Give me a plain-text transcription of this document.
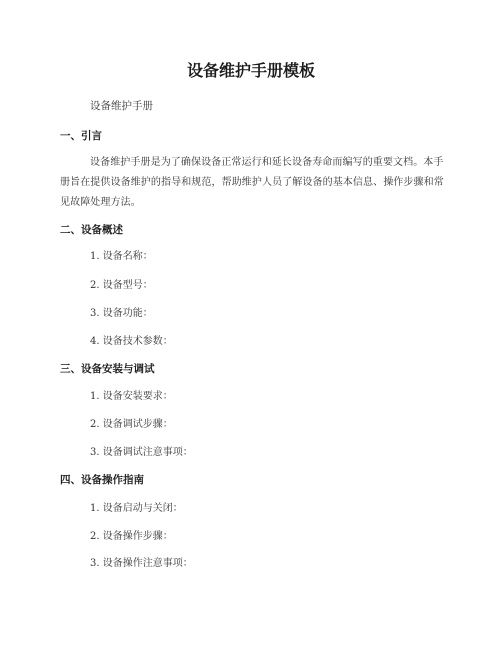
设备维护手册模板
设备维护手册
一、引言
设备维护手册是为了确保设备正常运行和延长设备寿命而编写的重要文档。本手册旨在提供设备维护的指导和规范，帮助维护人员了解设备的基本信息、操作步骤和常见故障处理方法。
二、设备概述
1. 设备名称：
2. 设备型号：
3. 设备功能：
4. 设备技术参数：
三、设备安装与调试
1. 设备安装要求：
2. 设备调试步骤：
3. 设备调试注意事项：
四、设备操作指南
1. 设备启动与关闭：
2. 设备操作步骤：
3. 设备操作注意事项：
